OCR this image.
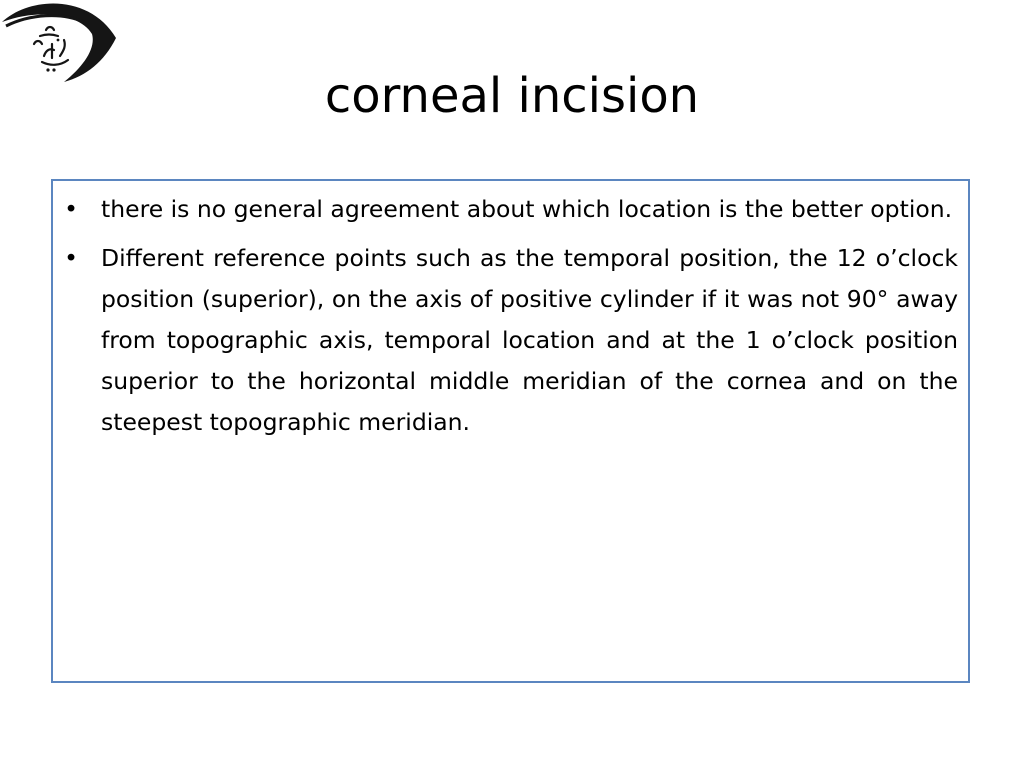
corneal incision
• there is no general agreement about which location is the better option.
• Different reference points such as the temporal position, the 12 o’clock position (superior), on the axis of positive cylinder if it was not 90° away from topographic axis, temporal location and at the 1 o’clock position superior to the horizontal middle meridian of the cornea and on the steepest topographic meridian.
